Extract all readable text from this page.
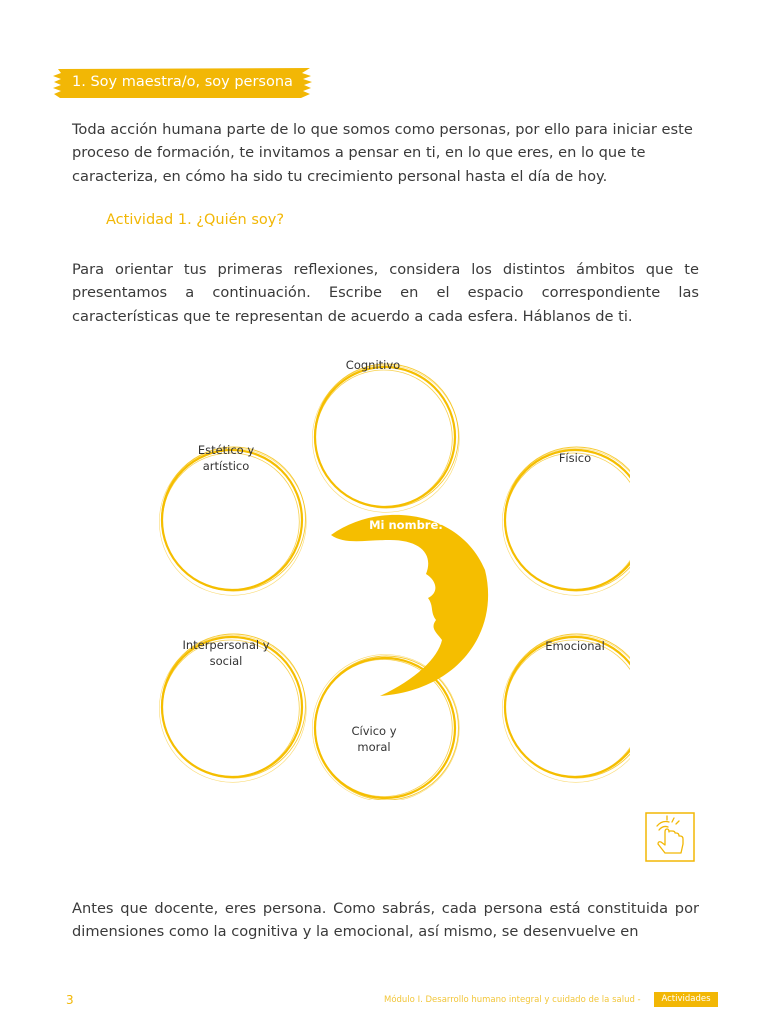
1. Soy maestra/o, soy persona

Toda acción humana parte de lo que somos como personas, por ello para iniciar este proceso de formación, te invitamos a pensar en ti, en lo que eres, en lo que te caracteriza, en cómo ha sido tu crecimiento personal hasta el día de hoy.

Actividad 1. ¿Quién soy?

Para orientar tus primeras reflexiones, considera los distintos ámbitos que te presentamos a continuación. Escribe en el espacio correspondiente las características que te representan de acuerdo a cada esfera. Háblanos de ti.

Mi nombre:
Cognitivo
Físico
Emocional
Cívico y
moral
Interpersonal y
social
Estético y
artístico

Antes que docente, eres persona. Como sabrás, cada persona está constituida por dimensiones como la cognitiva y la emocional, así mismo, se desenvuelve en

3	Módulo I. Desarrollo humano integral y cuidado de la salud -	Actividades
